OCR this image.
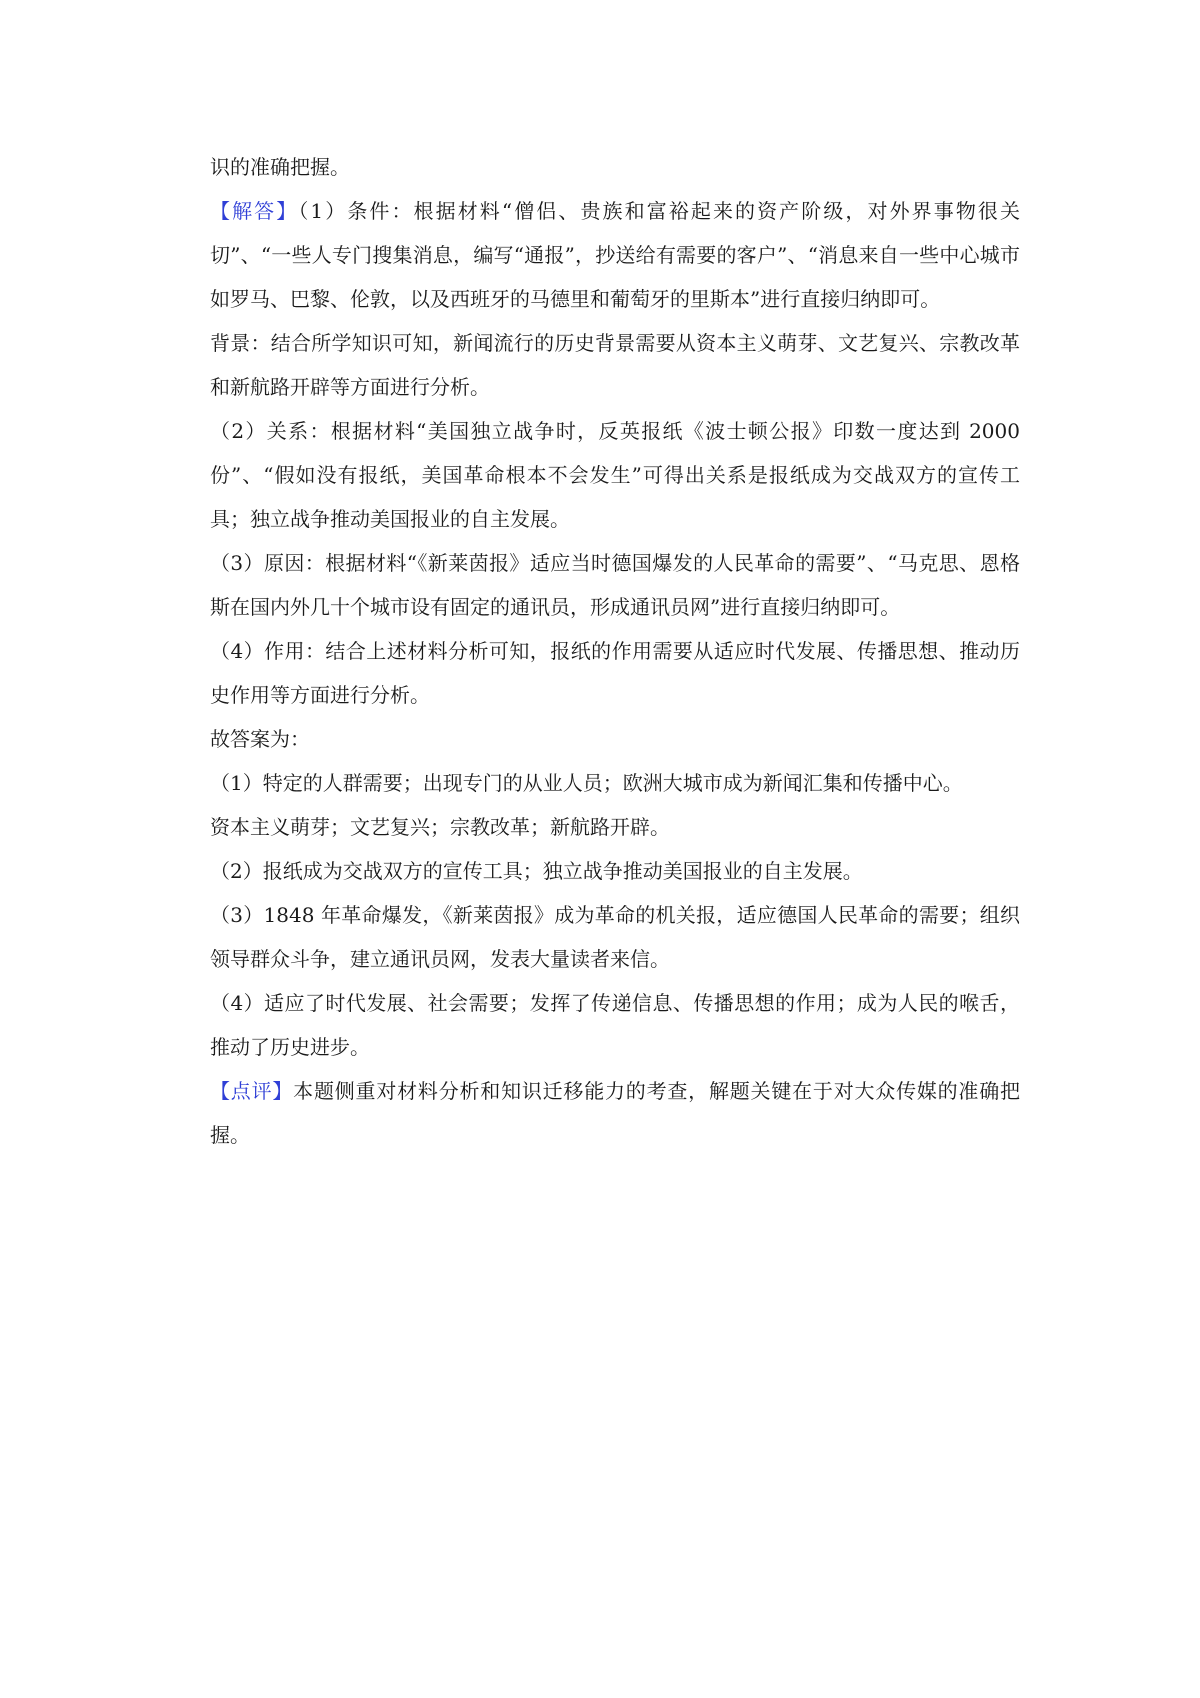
识的准确把握。

【解答】（1）条件：根据材料“僧侣、贵族和富裕起来的资产阶级，对外界事物很关切”、“一些人专门搜集消息，编写“通报”，抄送给有需要的客户”、“消息来自一些中心城市如罗马、巴黎、伦敦，以及西班牙的马德里和葡萄牙的里斯本”进行直接归纳即可。

背景：结合所学知识可知，新闻流行的历史背景需要从资本主义萌芽、文艺复兴、宗教改革和新航路开辟等方面进行分析。

（2）关系：根据材料“美国独立战争时，反英报纸《波士顿公报》印数一度达到 2000 份”、“假如没有报纸，美国革命根本不会发生”可得出关系是报纸成为交战双方的宣传工具；独立战争推动美国报业的自主发展。

（3）原因：根据材料“《新莱茵报》适应当时德国爆发的人民革命的需要”、“马克思、恩格斯在国内外几十个城市设有固定的通讯员，形成通讯员网”进行直接归纳即可。

（4）作用：结合上述材料分析可知，报纸的作用需要从适应时代发展、传播思想、推动历史作用等方面进行分析。

故答案为：

（1）特定的人群需要；出现专门的从业人员；欧洲大城市成为新闻汇集和传播中心。

资本主义萌芽；文艺复兴；宗教改革；新航路开辟。

（2）报纸成为交战双方的宣传工具；独立战争推动美国报业的自主发展。

（3）1848 年革命爆发，《新莱茵报》成为革命的机关报，适应德国人民革命的需要；组织领导群众斗争，建立通讯员网，发表大量读者来信。

（4）适应了时代发展、社会需要；发挥了传递信息、传播思想的作用；成为人民的喉舌，推动了历史进步。

【点评】本题侧重对材料分析和知识迁移能力的考查，解题关键在于对大众传媒的准确把握。
